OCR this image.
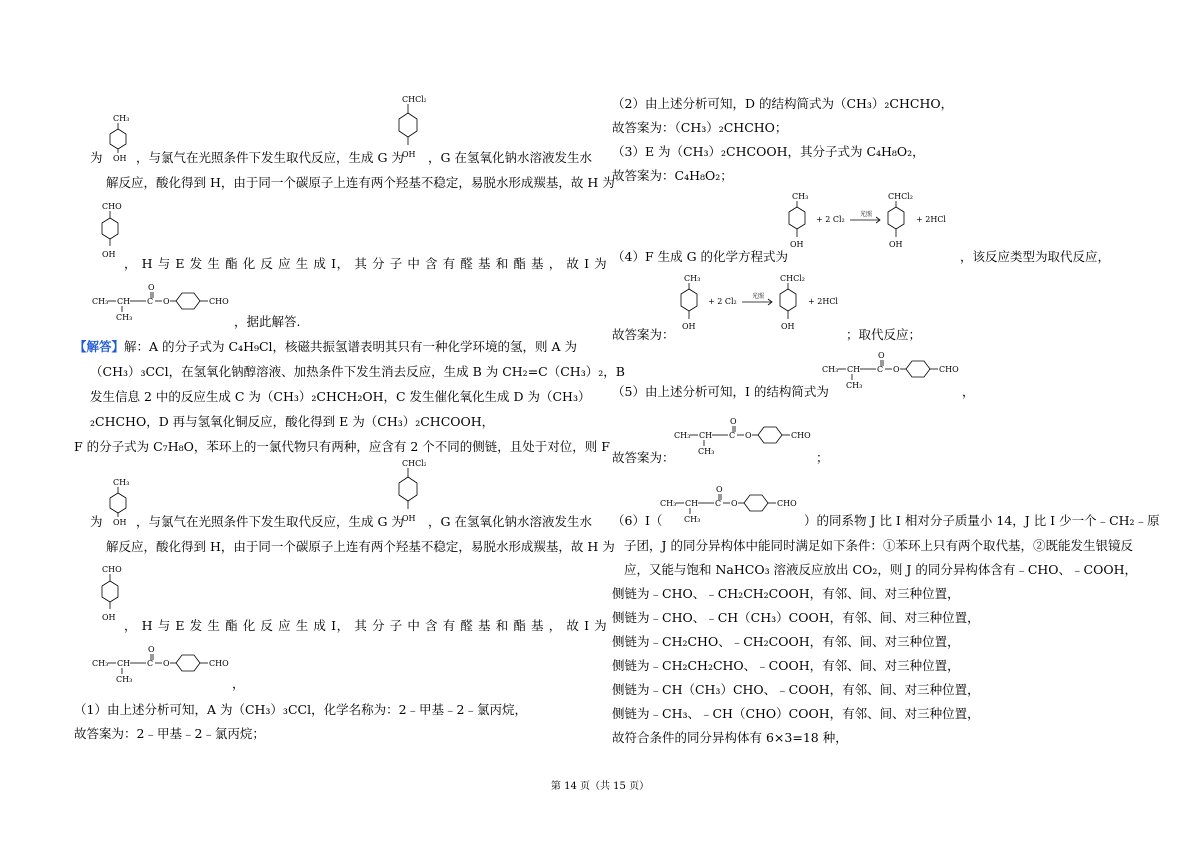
CH₃
OH
为	，与氯气在光照条件下发生取代反应，生成 G 为
CHCl₂
OH ，G 在氢氧化钠水溶液发生水
解反应，酸化得到 H，由于同一个碳原子上连有两个羟基不稳定，易脱水形成羰基，故 H 为
CHO
OH
， H 与 E 发 生 酯 化 反 应 生 成 I， 其 分 子 中 含 有 醛 基 和 酯 基 ， 故 I 为
O
CH₃ CH C O	CHO
CH₃	，据此解答.
【解答】解：A 的分子式为 C₄H₉Cl，核磁共振氢谱表明其只有一种化学环境的氢，则 A 为
（CH₃）₃CCl，在氢氧化钠醇溶液、加热条件下发生消去反应，生成 B 为 CH₂=C（CH₃）₂，B
发生信息 2 中的反应生成 C 为（CH₃）₂CHCH₂OH，C 发生催化氧化生成 D 为（CH₃）
₂CHCHO，D 再与氢氧化铜反应，酸化得到 E 为（CH₃）₂CHCOOH，
F 的分子式为 C₇H₈O，苯环上的一氯代物只有两种，应含有 2 个不同的侧链，且处于对位，则 F
CH₃
OH
为	，与氯气在光照条件下发生取代反应，生成 G 为
CHCl₂
OH ，G 在氢氧化钠水溶液发生水
解反应，酸化得到 H，由于同一个碳原子上连有两个羟基不稳定，易脱水形成羰基，故 H 为
CHO
OH
， H 与 E 发 生 酯 化 反 应 生 成 I， 其 分 子 中 含 有 醛 基 和 酯 基 ， 故 I 为
O
CH₃ CH C O	CHO
CH₃	，
（1）由上述分析可知，A 为（CH₃）₃CCl，化学名称为：2﹣甲基﹣2﹣氯丙烷，
故答案为：2﹣甲基﹣2﹣氯丙烷；
（2）由上述分析可知，D 的结构简式为（CH₃）₂CHCHO，
故答案为：（CH₃）₂CHCHO；
（3）E 为（CH₃）₂CHCOOH，其分子式为 C₄H₈O₂，
故答案为：C₄H₈O₂；
CH₃
OH
+ 2 Cl₂
光照
CHCl₂
OH
+ 2HCl
（4）F 生成 G 的化学方程式为	，该反应类型为取代反应，
CH₃
OH
+ 2 Cl₂
光照
CHCl₂
OH
+ 2HCl
故答案为：	；取代反应；
O
CH₃ CH C O	CHO
CH₃
（5）由上述分析可知，I 的结构简式为	，
O
CH₃ CH C O	CHO
CH₃
故答案为：	；
O
CH₃ CH C O	CHO
CH₃
（6）I（	）的同系物 J 比 I 相对分子质量小 14，J 比 I 少一个﹣CH₂﹣原
子团，J 的同分异构体中能同时满足如下条件：①苯环上只有两个取代基，②既能发生银镜反
应，又能与饱和 NaHCO₃ 溶液反应放出 CO₂，则 J 的同分异构体含有﹣CHO、﹣COOH，
侧链为﹣CHO、﹣CH₂CH₂COOH，有邻、间、对三种位置，
侧链为﹣CHO、﹣CH（CH₃）COOH，有邻、间、对三种位置，
侧链为﹣CH₂CHO、﹣CH₂COOH，有邻、间、对三种位置，
侧链为﹣CH₂CH₂CHO、﹣COOH，有邻、间、对三种位置，
侧链为﹣CH（CH₃）CHO、﹣COOH，有邻、间、对三种位置，
侧链为﹣CH₃、﹣CH（CHO）COOH，有邻、间、对三种位置，
故符合条件的同分异构体有 6×3=18 种，
第 14 页（共 15 页）
